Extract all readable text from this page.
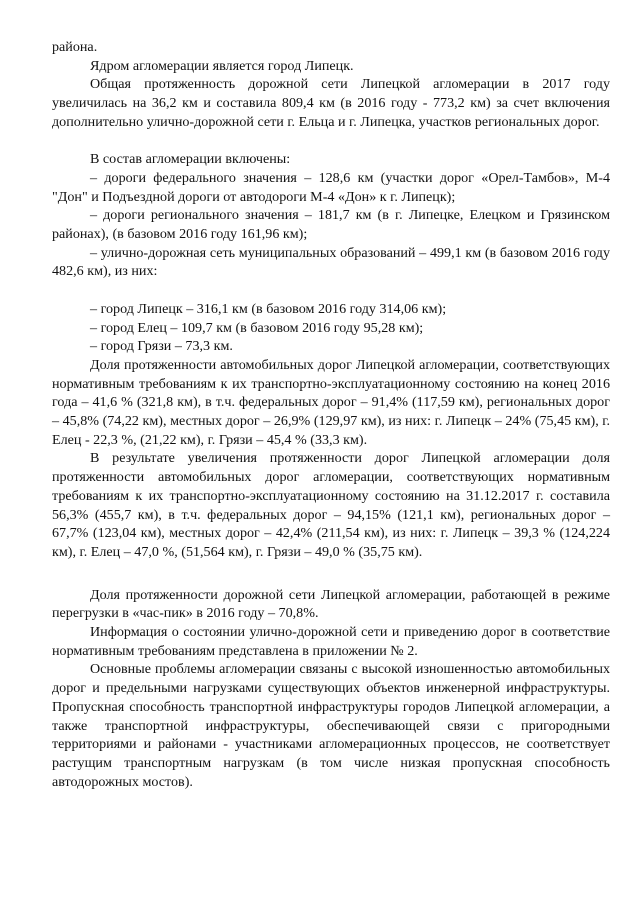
района.

Ядром агломерации является город Липецк.

Общая протяженность дорожной сети Липецкой агломерации в 2017 году увеличилась на 36,2 км и составила 809,4 км (в 2016 году - 773,2 км) за счет включения дополнительно улично-дорожной сети г. Ельца и г. Липецка, участков региональных дорог.

В состав агломерации включены:

– дороги федерального значения – 128,6 км (участки дорог «Орел-Тамбов», М-4 "Дон" и Подъездной дороги от автодороги М-4 «Дон» к г. Липецк);

– дороги регионального значения – 181,7 км (в г. Липецке, Елецком и Грязинском районах), (в базовом 2016 году 161,96 км);

– улично-дорожная сеть муниципальных образований – 499,1 км (в базовом 2016 году 482,6 км), из них:

– город Липецк – 316,1 км (в базовом 2016 году 314,06 км);

– город Елец – 109,7 км (в базовом 2016 году 95,28 км);

– город Грязи – 73,3 км.

Доля протяженности автомобильных дорог Липецкой агломерации, соответствующих нормативным требованиям к их транспортно-эксплуатационному состоянию на конец 2016 года – 41,6 % (321,8 км), в т.ч. федеральных дорог – 91,4% (117,59 км), региональных дорог – 45,8% (74,22 км), местных дорог – 26,9% (129,97 км), из них: г. Липецк – 24% (75,45 км), г. Елец - 22,3 %, (21,22 км), г. Грязи – 45,4 % (33,3 км).

В результате увеличения протяженности дорог Липецкой агломерации доля протяженности автомобильных дорог агломерации, соответствующих нормативным требованиям к их транспортно-эксплуатационному состоянию на 31.12.2017 г. составила 56,3% (455,7 км), в т.ч. федеральных дорог – 94,15% (121,1 км), региональных дорог – 67,7% (123,04 км), местных дорог – 42,4% (211,54 км), из них: г. Липецк – 39,3 % (124,224 км), г. Елец – 47,0 %, (51,564 км), г. Грязи – 49,0 % (35,75 км).

Доля протяженности дорожной сети Липецкой агломерации, работающей в режиме перегрузки в «час-пик» в 2016 году – 70,8%.

Информация о состоянии улично-дорожной сети и приведению дорог в соответствие нормативным требованиям представлена в приложении № 2.

Основные проблемы агломерации связаны с высокой изношенностью автомобильных дорог и предельными нагрузками существующих объектов инженерной инфраструктуры. Пропускная способность транспортной инфраструктуры городов Липецкой агломерации, а также транспортной инфраструктуры, обеспечивающей связи с пригородными территориями и районами - участниками агломерационных процессов, не соответствует растущим транспортным нагрузкам (в том числе низкая пропускная способность автодорожных мостов).
